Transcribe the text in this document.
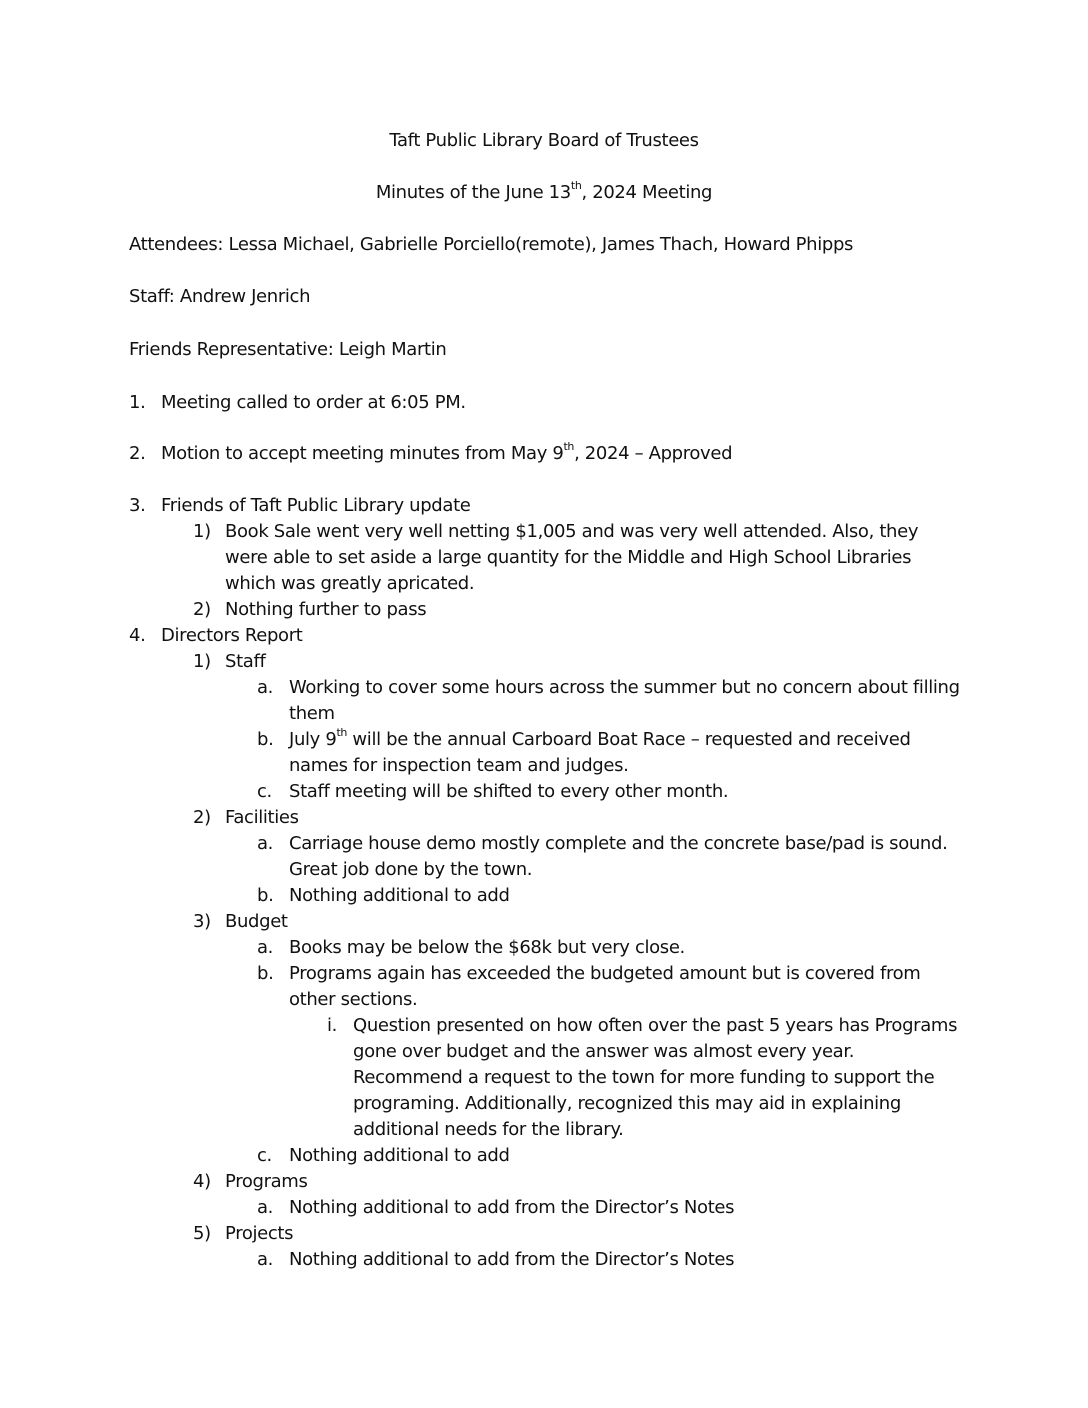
Taft Public Library Board of Trustees
Minutes of the June 13th, 2024 Meeting
Attendees: Lessa Michael, Gabrielle Porciello(remote), James Thach, Howard Phipps
Staff: Andrew Jenrich
Friends Representative: Leigh Martin
1. Meeting called to order at 6:05 PM.
2. Motion to accept meeting minutes from May 9th, 2024 – Approved
3. Friends of Taft Public Library update
1) Book Sale went very well netting $1,005 and was very well attended. Also, they
were able to set aside a large quantity for the Middle and High School Libraries
which was greatly apricated.
2) Nothing further to pass
4. Directors Report
1) Staff
a. Working to cover some hours across the summer but no concern about filling
them
b. July 9th will be the annual Carboard Boat Race – requested and received
names for inspection team and judges.
c. Staff meeting will be shifted to every other month.
2) Facilities
a. Carriage house demo mostly complete and the concrete base/pad is sound.
Great job done by the town.
b. Nothing additional to add
3) Budget
a. Books may be below the $68k but very close.
b. Programs again has exceeded the budgeted amount but is covered from
other sections.
i. Question presented on how often over the past 5 years has Programs
gone over budget and the answer was almost every year.
Recommend a request to the town for more funding to support the
programing. Additionally, recognized this may aid in explaining
additional needs for the library.
c. Nothing additional to add
4) Programs
a. Nothing additional to add from the Director’s Notes
5) Projects
a. Nothing additional to add from the Director’s Notes
